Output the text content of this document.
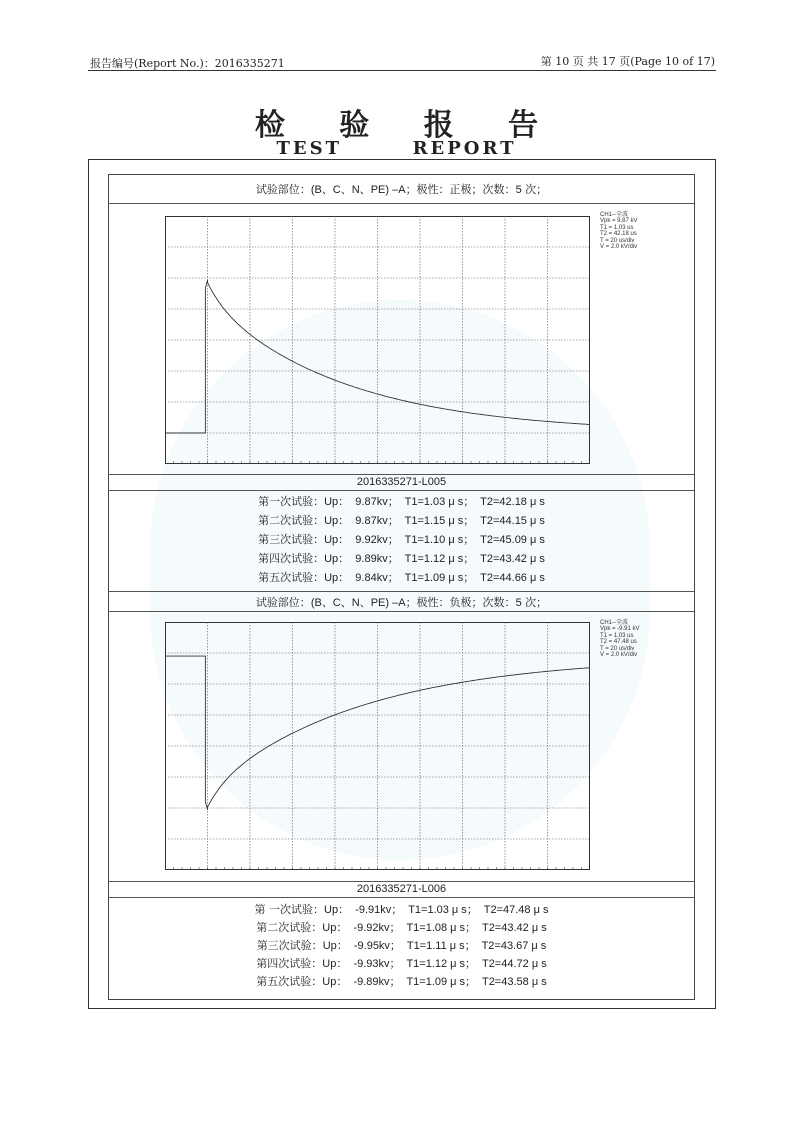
报告编号(Report No.)：2016335271	第 10 页 共 17 页(Page 10 of 17)
检 验 报 告
TEST	REPORT
试验部位：(B、C、N、PE) –A；极性：正极；次数：5 次；
CH1--全波
Vpk = 9.87 kV
T1 = 1.03 us
T2 = 42.18 us
T = 20 us/div
V = 2.0 kV/div
2016335271-L005
第一次试验：Up：  9.87kv；  T1=1.03 μ s；  T2=42.18 μ s
第二次试验：Up：  9.87kv；  T1=1.15 μ s；  T2=44.15 μ s
第三次试验：Up：  9.92kv；  T1=1.10 μ s；  T2=45.09 μ s
第四次试验：Up：  9.89kv；  T1=1.12 μ s；  T2=43.42 μ s
第五次试验：Up：  9.84kv；  T1=1.09 μ s；  T2=44.66 μ s
试验部位：(B、C、N、PE) –A；极性：负极；次数：5 次；
CH1--全波
Vpk = -9.91 kV
T1 = 1.03 us
T2 = 47.48 us
T = 20 us/div
V = 2.0 kV/div
2016335271-L006
第 一次试验：Up：  -9.91kv；  T1=1.03 μ s；  T2=47.48 μ s
第二次试验：Up：  -9.92kv；  T1=1.08 μ s；  T2=43.42 μ s
第三次试验：Up：  -9.95kv；  T1=1.11 μ s；  T2=43.67 μ s
第四次试验：Up：  -9.93kv；  T1=1.12 μ s；  T2=44.72 μ s
第五次试验：Up：  -9.89kv；  T1=1.09 μ s；  T2=43.58 μ s
